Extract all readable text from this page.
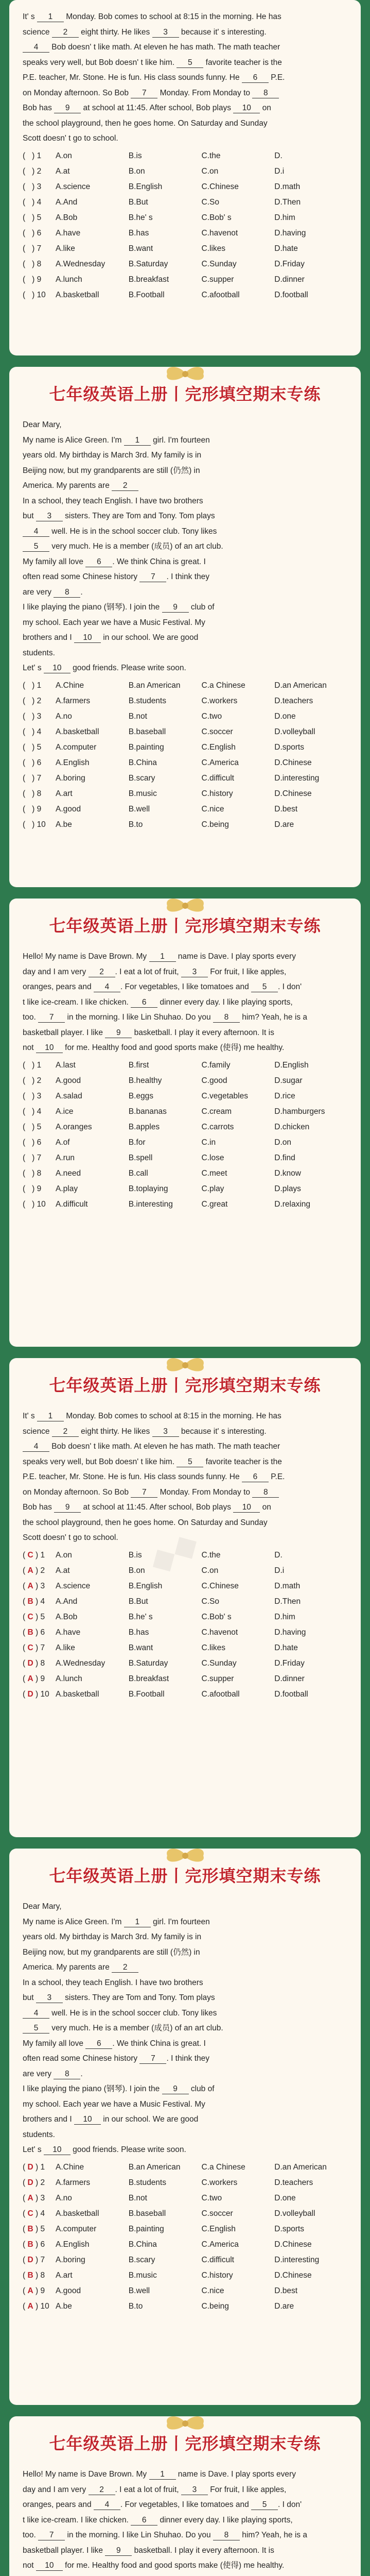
It' s 1 Monday. Bob comes to school at 8:15 in the morning. He has

science 2 eight thirty. He likes 3 because it' s interesting.

4 Bob doesn' t like math. At eleven he has math. The math teacher

speaks very well, but Bob doesn' t like him. 5 favorite teacher is the

P.E. teacher, Mr. Stone. He is fun. His class sounds funny. He 6 P.E.

on Monday afternoon. So Bob 7 Monday. From Monday to 8

Bob has 9 at school at 11:45. After school, Bob plays 10 on

the school playground, then he goes home. On Saturday and Sunday

Scott doesn' t go to school.

(   ) 1	A.on	B.is	C.the	D.
(   ) 2	A.at	B.on	C.on	D.i
(   ) 3	A.science	B.English	C.Chinese	D.math
(   ) 4	A.And	B.But	C.So	D.Then
(   ) 5	A.Bob	B.he' s	C.Bob' s	D.him
(   ) 6	A.have	B.has	C.havenot	D.having
(   ) 7	A.like	B.want	C.likes	D.hate
(   ) 8	A.Wednesday	B.Saturday	C.Sunday	D.Friday
(   ) 9	A.lunch	B.breakfast	C.supper	D.dinner
(   ) 10	A.basketball	B.Football	C.afootball	D.football
七年级英语上册丨完形填空期末专练

Dear Mary,

My name is Alice Green. I'm 1 girl. I'm fourteen

years old. My birthday is March 3rd. My family is in

Beijing now, but my grandparents are still (仍然) in

America. My parents are 2

In a school, they teach English. I have two brothers

but 3 sisters. They are Tom and Tony. Tom plays

4 well. He is in the school soccer club. Tony likes

5 very much. He is a member (成员) of an art club.

My family all love 6 . We think China is great. I

often read some Chinese history 7 . I think they

are very 8 .

I like playing the piano (钢琴). I join the 9 club of

my school. Each year we have a Music Festival. My

brothers and I 10 in our school. We are good

students.

Let' s 10 good friends. Please write soon.

(   ) 1	A.Chine	B.an American	C.a Chinese	D.an American
(   ) 2	A.farmers	B.students	C.workers	D.teachers
(   ) 3	A.no	B.not	C.two	D.one
(   ) 4	A.basketball	B.baseball	C.soccer	D.volleyball
(   ) 5	A.computer	B.painting	C.English	D.sports
(   ) 6	A.English	B.China	C.America	D.Chinese
(   ) 7	A.boring	B.scary	C.difficult	D.interesting
(   ) 8	A.art	B.music	C.history	D.Chinese
(   ) 9	A.good	B.well	C.nice	D.best
(   ) 10	A.be	B.to	C.being	D.are
七年级英语上册丨完形填空期末专练

Hello! My name is Dave Brown. My 1 name is Dave. I play sports every

day and I am very 2 . I eat a lot of fruit, 3 For fruit, I like apples,

oranges, pears and 4 . For vegetables, I like tomatoes and 5 . I don'

t like ice-cream. I like chicken. 6 dinner every day. I like playing sports,

too. 7 in the morning. I like Lin Shuhao. Do you 8 him? Yeah, he is a

basketball player. I like 9 basketball. I play it every afternoon. It is

not 10 for me. Healthy food and good sports make (使得) me healthy.

(   ) 1	A.last	B.first	C.family	D.English
(   ) 2	A.good	B.healthy	C.good	D.sugar
(   ) 3	A.salad	B.eggs	C.vegetables	D.rice
(   ) 4	A.ice	B.bananas	C.cream	D.hamburgers
(   ) 5	A.oranges	B.apples	C.carrots	D.chicken
(   ) 6	A.of	B.for	C.in	D.on
(   ) 7	A.run	B.spell	C.lose	D.find
(   ) 8	A.need	B.call	C.meet	D.know
(   ) 9	A.play	B.toplaying	C.play	D.plays
(   ) 10	A.difficult	B.interesting	C.great	D.relaxing
七年级英语上册丨完形填空期末专练

It' s 1 Monday. Bob comes to school at 8:15 in the morning. He has

science 2 eight thirty. He likes 3 because it' s interesting.

4 Bob doesn' t like math. At eleven he has math. The math teacher

speaks very well, but Bob doesn' t like him. 5 favorite teacher is the

P.E. teacher, Mr. Stone. He is fun. His class sounds funny. He 6 P.E.

on Monday afternoon. So Bob 7 Monday. From Monday to 8

Bob has 9 at school at 11:45. After school, Bob plays 10 on

the school playground, then he goes home. On Saturday and Sunday

Scott doesn' t go to school.

( C ) 1	A.on	B.is	C.the	D.
( A ) 2	A.at	B.on	C.on	D.i
( A ) 3	A.science	B.English	C.Chinese	D.math
( B ) 4	A.And	B.But	C.So	D.Then
( C ) 5	A.Bob	B.he' s	C.Bob' s	D.him
( B ) 6	A.have	B.has	C.havenot	D.having
( C ) 7	A.like	B.want	C.likes	D.hate
( D ) 8	A.Wednesday	B.Saturday	C.Sunday	D.Friday
( A ) 9	A.lunch	B.breakfast	C.supper	D.dinner
( D ) 10 A.basketball	B.Football	C.afootball	D.football
◆◆
七年级英语上册丨完形填空期末专练

Dear Mary,

My name is Alice Green. I'm 1 girl. I'm fourteen

years old. My birthday is March 3rd. My family is in

Beijing now, but my grandparents are still (仍然) in

America. My parents are 2

In a school, they teach English. I have two brothers

but 3 sisters. They are Tom and Tony. Tom plays

4 well. He is in the school soccer club. Tony likes

5 very much. He is a member (成员) of an art club.

My family all love 6 . We think China is great. I

often read some Chinese history 7 . I think they

are very 8 .

I like playing the piano (钢琴). I join the 9 club of

my school. Each year we have a Music Festival. My

brothers and I 10 in our school. We are good

students.

Let' s 10 good friends. Please write soon.

( D ) 1	A.Chine	B.an American	C.a Chinese	D.an American
( D ) 2	A.farmers	B.students	C.workers	D.teachers
( A ) 3	A.no	B.not	C.two	D.one
( C ) 4	A.basketball	B.baseball	C.soccer	D.volleyball
( B ) 5	A.computer	B.painting	C.English	D.sports
( B ) 6	A.English	B.China	C.America	D.Chinese
( D ) 7	A.boring	B.scary	C.difficult	D.interesting
( B ) 8	A.art	B.music	C.history	D.Chinese
( A ) 9	A.good	B.well	C.nice	D.best
( A ) 10 A.be	B.to	C.being	D.are
七年级英语上册丨完形填空期末专练

Hello! My name is Dave Brown. My 1 name is Dave. I play sports every

day and I am very 2 . I eat a lot of fruit, 3 For fruit, I like apples,

oranges, pears and 4 . For vegetables, I like tomatoes and 5 . I don'

t like ice-cream. I like chicken. 6 dinner every day. I like playing sports,

too. 7 in the morning. I like Lin Shuhao. Do you 8 him? Yeah, he is a

basketball player. I like 9 basketball. I play it every afternoon. It is

not 10 for me. Healthy food and good sports make (使得) me healthy.
